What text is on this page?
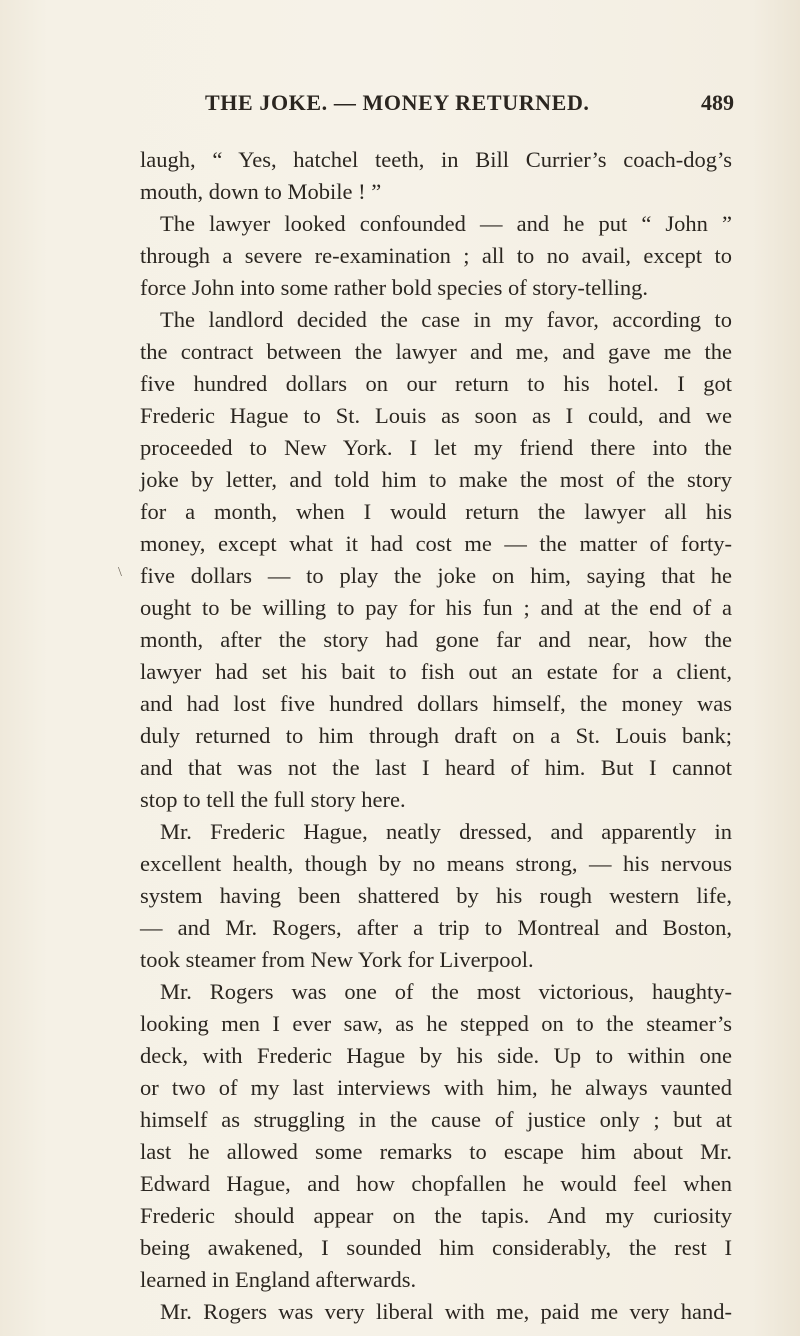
THE JOKE. — MONEY RETURNED.	489
laugh, “ Yes, hatchel teeth, in Bill Currier’s coach-dog’s
mouth, down to Mobile ! ”
The lawyer looked confounded — and he put “ John ”
through a severe re-examination ; all to no avail, except to
force John into some rather bold species of story-telling.
The landlord decided the case in my favor, according to
the contract between the lawyer and me, and gave me the
five hundred dollars on our return to his hotel. I got
Frederic Hague to St. Louis as soon as I could, and we
proceeded to New York. I let my friend there into the
joke by letter, and told him to make the most of the story
for a month, when I would return the lawyer all his
money, except what it had cost me — the matter of forty-
five dollars — to play the joke on him, saying that he
ought to be willing to pay for his fun ; and at the end of a
month, after the story had gone far and near, how the
lawyer had set his bait to fish out an estate for a client,
and had lost five hundred dollars himself, the money was
duly returned to him through draft on a St. Louis bank;
and that was not the last I heard of him. But I cannot
stop to tell the full story here.
Mr. Frederic Hague, neatly dressed, and apparently in
excellent health, though by no means strong, — his nervous
system having been shattered by his rough western life,
— and Mr. Rogers, after a trip to Montreal and Boston,
took steamer from New York for Liverpool.
Mr. Rogers was one of the most victorious, haughty-
looking men I ever saw, as he stepped on to the steamer’s
deck, with Frederic Hague by his side. Up to within one
or two of my last interviews with him, he always vaunted
himself as struggling in the cause of justice only ; but at
last he allowed some remarks to escape him about Mr.
Edward Hague, and how chopfallen he would feel when
Frederic should appear on the tapis. And my curiosity
being awakened, I sounded him considerably, the rest I
learned in England afterwards.
Mr. Rogers was very liberal with me, paid me very hand-
\
